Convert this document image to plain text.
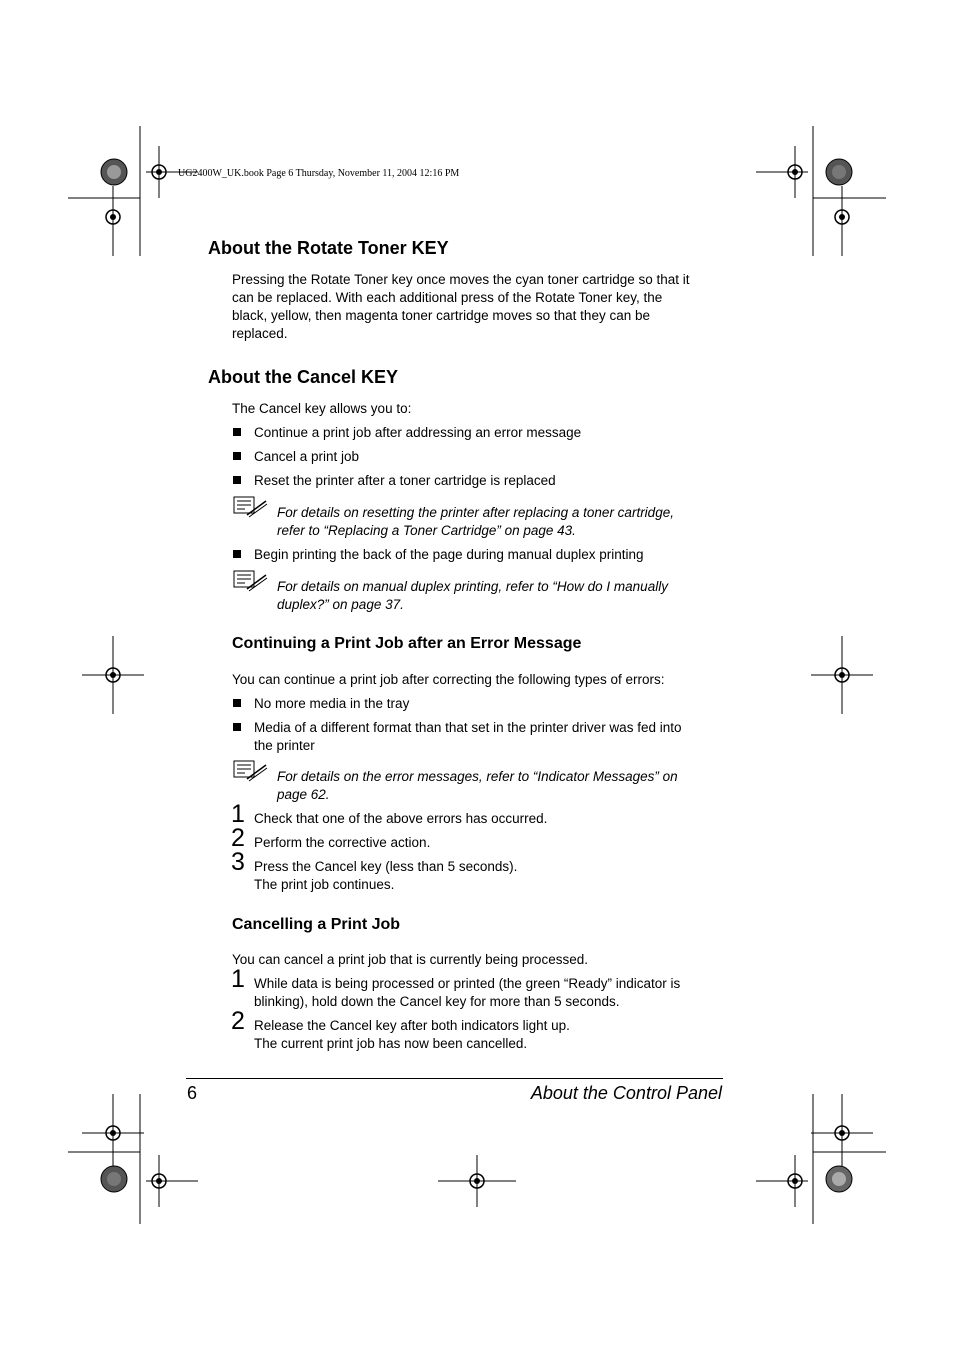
UG2400W_UK.book Page 6 Thursday, November 11, 2004 12:16 PM
About the Rotate Toner KEY
Pressing the Rotate Toner key once moves the cyan toner cartridge so that it
can be replaced. With each additional press of the Rotate Toner key, the
black, yellow, then magenta toner cartridge moves so that they can be
replaced.
About the Cancel KEY
The Cancel key allows you to:
Continue a print job after addressing an error message
Cancel a print job
Reset the printer after a toner cartridge is replaced
For details on resetting the printer after replacing a toner cartridge,
refer to “Replacing a Toner Cartridge” on page 43.
Begin printing the back of the page during manual duplex printing
For details on manual duplex printing, refer to “How do I manually
duplex?” on page 37.
Continuing a Print Job after an Error Message
You can continue a print job after correcting the following types of errors:
No more media in the tray
Media of a different format than that set in the printer driver was fed into
the printer
For details on the error messages, refer to “Indicator Messages” on
page 62.
1 Check that one of the above errors has occurred.
2 Perform the corrective action.
3 Press the Cancel key (less than 5 seconds).
The print job continues.
Cancelling a Print Job
You can cancel a print job that is currently being processed.
1 While data is being processed or printed (the green “Ready” indicator is
blinking), hold down the Cancel key for more than 5 seconds.
2 Release the Cancel key after both indicators light up.
The current print job has now been cancelled.
6	About the Control Panel
